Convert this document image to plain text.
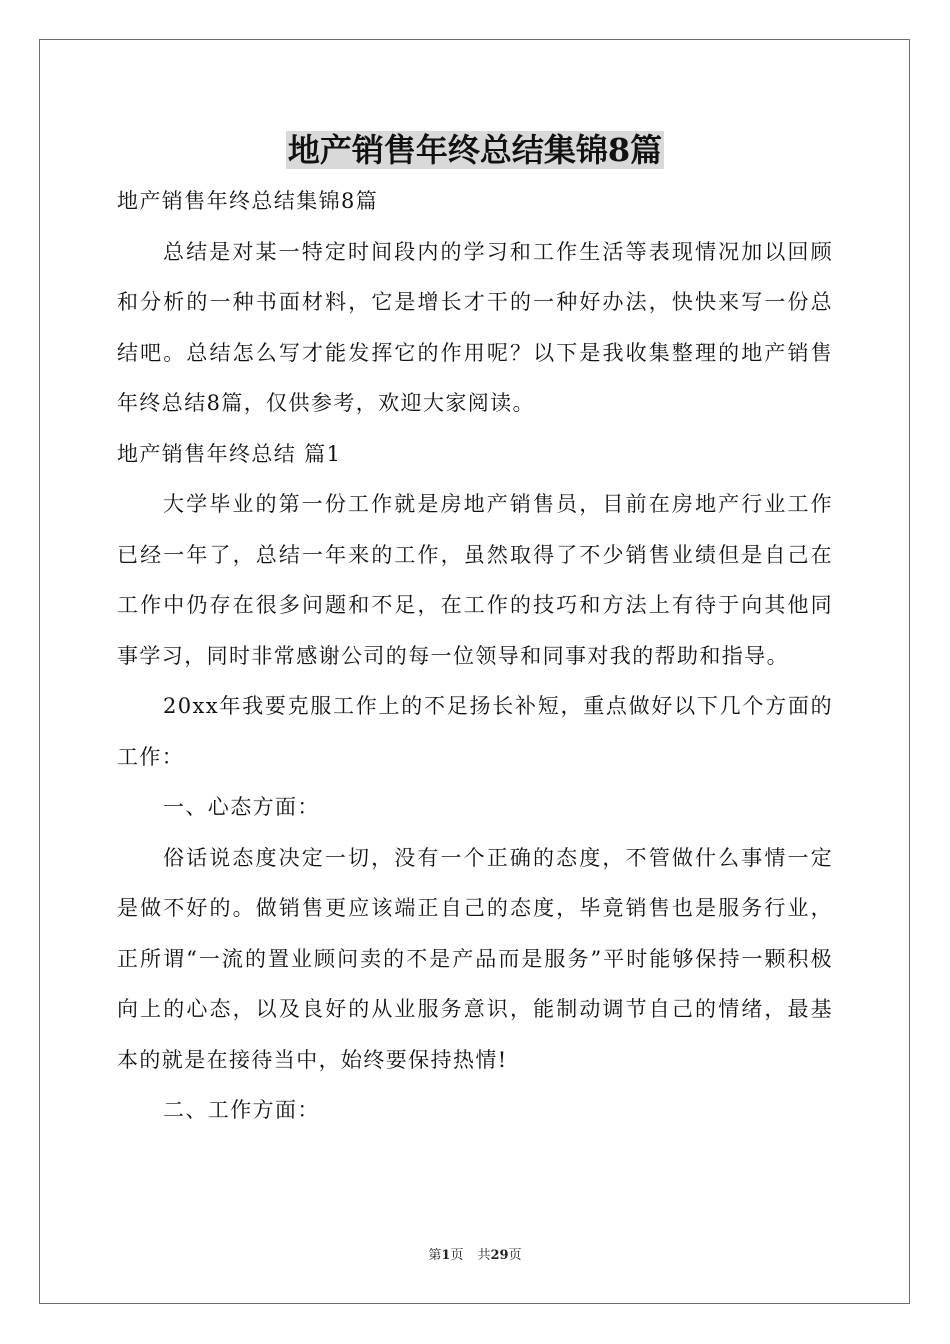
地产销售年终总结集锦8篇

地产销售年终总结集锦8篇

总结是对某一特定时间段内的学习和工作生活等表现情况加以回顾和分析的一种书面材料，它是增长才干的一种好办法，快快来写一份总结吧。总结怎么写才能发挥它的作用呢？以下是我收集整理的地产销售年终总结8篇，仅供参考，欢迎大家阅读。

地产销售年终总结 篇1

大学毕业的第一份工作就是房地产销售员，目前在房地产行业工作已经一年了，总结一年来的工作，虽然取得了不少销售业绩但是自己在工作中仍存在很多问题和不足，在工作的技巧和方法上有待于向其他同事学习，同时非常感谢公司的每一位领导和同事对我的帮助和指导。

20xx年我要克服工作上的不足扬长补短，重点做好以下几个方面的工作：

一、心态方面：

俗话说态度决定一切，没有一个正确的态度，不管做什么事情一定是做不好的。做销售更应该端正自己的态度，毕竟销售也是服务行业，正所谓“一流的置业顾问卖的不是产品而是服务”平时能够保持一颗积极向上的心态，以及良好的从业服务意识，能制动调节自己的情绪，最基本的就是在接待当中，始终要保持热情!

二、工作方面：

第1页 共29页
